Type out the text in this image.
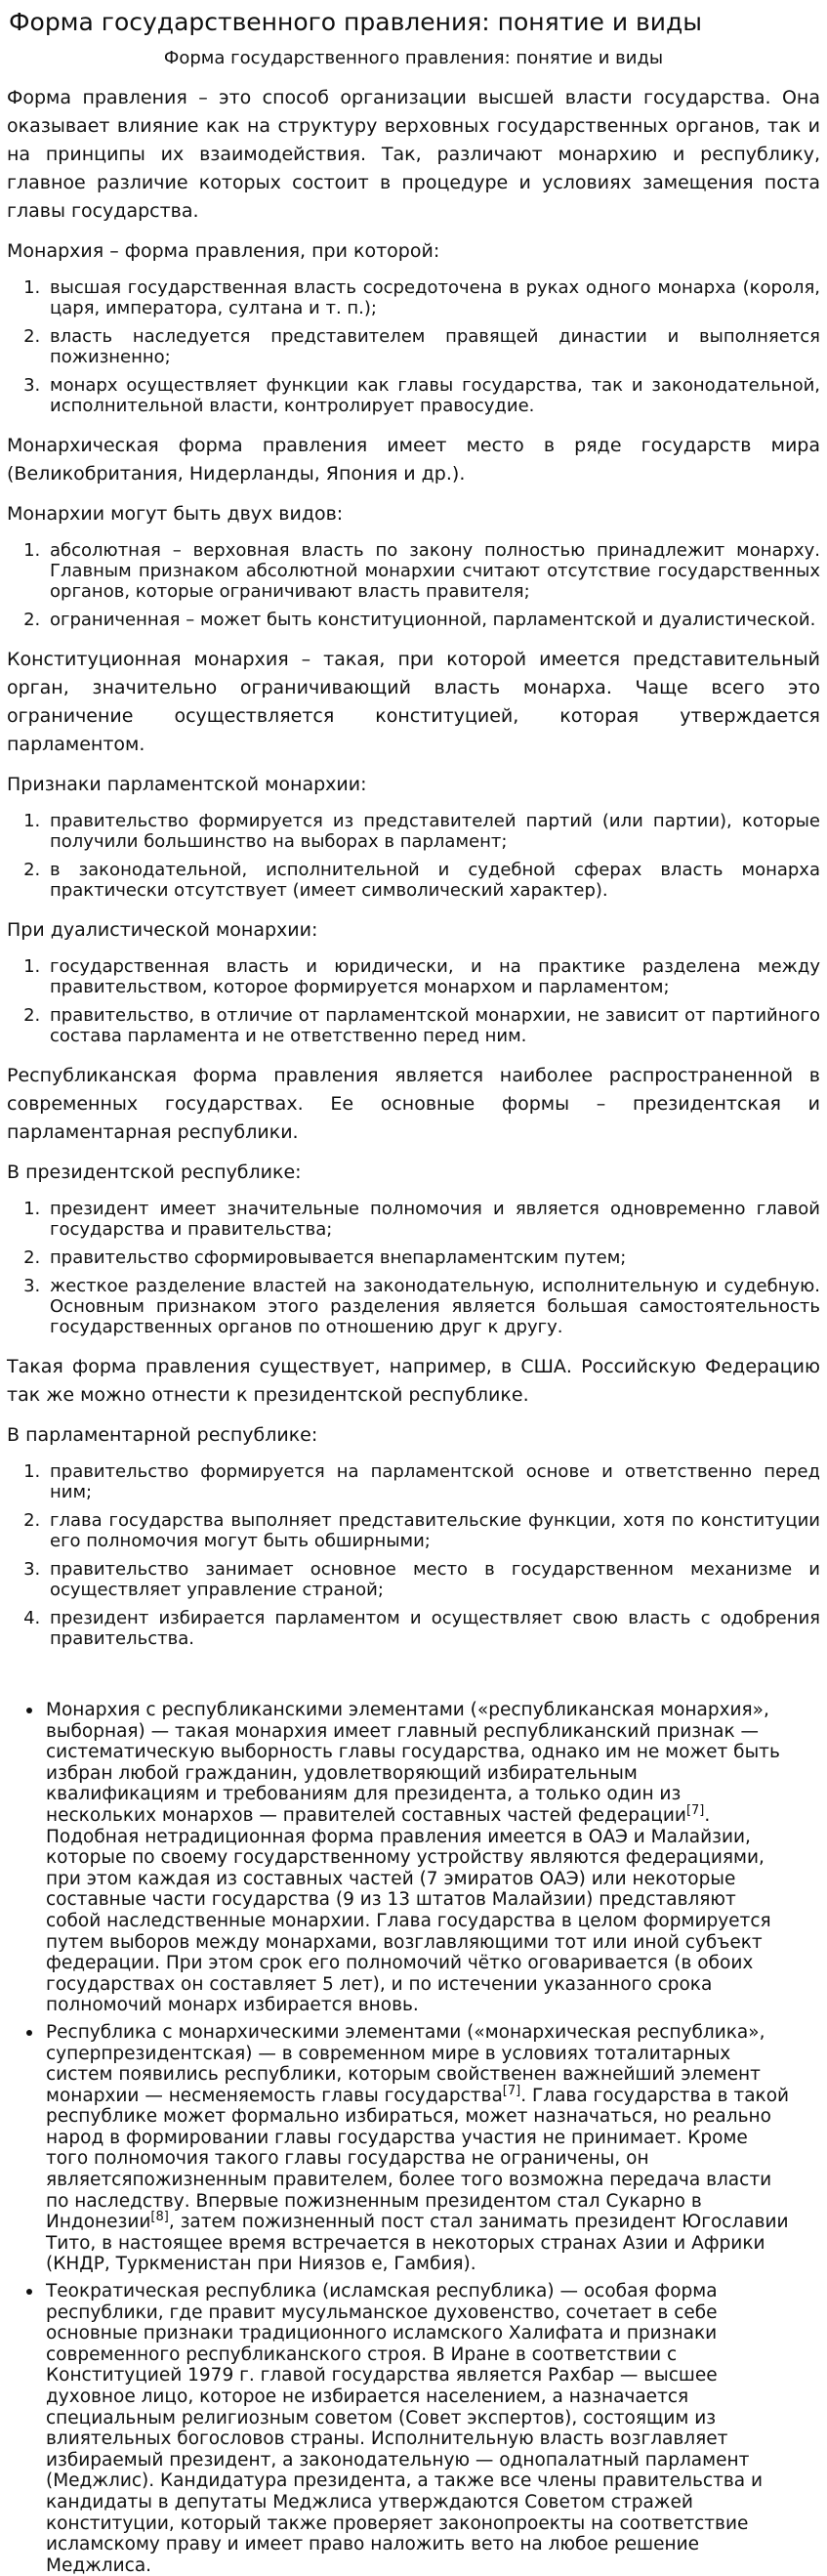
Форма государственного правления: понятие и виды
Форма государственного правления: понятие и виды

Форма правления – это способ организации высшей власти государства. Она оказывает влияние как на структуру верховных государственных органов, так и на принципы их взаимодействия. Так, различают монархию и республику, главное различие которых состоит в процедуре и условиях замещения поста главы государства.

Монархия – форма правления, при которой:

1. высшая государственная власть сосредоточена в руках одного монарха (короля, царя, императора, султана и т. п.);
2. власть наследуется представителем правящей династии и выполняется пожизненно;
3. монарх осуществляет функции как главы государства, так и законодательной, исполнительной власти, контролирует правосудие.

Монархическая форма правления имеет место в ряде государств мира (Великобритания, Нидерланды, Япония и др.).

Монархии могут быть двух видов:

1. абсолютная – верховная власть по закону полностью принадлежит монарху. Главным признаком абсолютной монархии считают отсутствие государственных органов, которые ограничивают власть правителя;
2. ограниченная – может быть конституционной, парламентской и дуалистической.

Конституционная монархия – такая, при которой имеется представительный орган, значительно ограничивающий власть монарха. Чаще всего это ограничение осуществляется конституцией, которая утверждается парламентом.

Признаки парламентской монархии:

1. правительство формируется из представителей партий (или партии), которые получили большинство на выборах в парламент;
2. в законодательной, исполнительной и судебной сферах власть монарха практически отсутствует (имеет символический характер).

При дуалистической монархии:

1. государственная власть и юридически, и на практике разделена между правительством, которое формируется монархом и парламентом;
2. правительство, в отличие от парламентской монархии, не зависит от партийного состава парламента и не ответственно перед ним.

Республиканская форма правления является наиболее распространенной в современных государствах. Ее основные формы – президентская и парламентарная республики.

В президентской республике:

1. президент имеет значительные полномочия и является одновременно главой государства и правительства;
2. правительство сформировывается внепарламентским путем;
3. жесткое разделение властей на законодательную, исполнительную и судебную. Основным признаком этого разделения является большая самостоятельность государственных органов по отношению друг к другу.

Такая форма правления существует, например, в США. Российскую Федерацию так же можно отнести к президентской республике.

В парламентарной республике:

1. правительство формируется на парламентской основе и ответственно перед ним;
2. глава государства выполняет представительские функции, хотя по конституции его полномочия могут быть обширными;
3. правительство занимает основное место в государственном механизме и осуществляет управление страной;
4. президент избирается парламентом и осуществляет свою власть с одобрения правительства.
Монархия с республиканскими элементами («республиканская монархия», выборная) — такая монархия имеет главный республиканский признак — систематическую выборность главы государства, однако им не может быть избран любой гражданин, удовлетворяющий избирательным квалификациям и требованиям для президента, а только один из нескольких монархов — правителей составных частей федерации[7]. Подобная нетрадиционная форма правления имеется в ОАЭ и Малайзии, которые по своему государственному устройству являются федерациями, при этом каждая из составных частей (7 эмиратов ОАЭ) или некоторые составные части государства (9 из 13 штатов Малайзии) представляют собой наследственные монархии. Глава государства в целом формируется путем выборов между монархами, возглавляющими тот или иной субъект федерации. При этом срок его полномочий чётко оговаривается (в обоих государствах он составляет 5 лет), и по истечении указанного срока полномочий монарх избирается вновь.
Республика с монархическими элементами («монархическая республика», суперпрезидентская) — в современном мире в условиях тоталитарных систем появились республики, которым свойственен важнейший элемент монархии — несменяемость главы государства[7]. Глава государства в такой республике может формально избираться, может назначаться, но реально народ в формировании главы государства участия не принимает. Кроме того полномочия такого главы государства не ограничены, он являетсяпожизненным правителем, более того возможна передача власти по наследству. Впервые пожизненным президентом стал Сукарно в Индонезии[8], затем пожизненный пост стал занимать президент Югославии Тито, в настоящее время встречается в некоторых странах Азии и Африки (КНДР, Туркменистан при Ниязов е, Гамбия).
Теократическая республика (исламская республика) — особая форма республики, где правит мусульманское духовенство, сочетает в себе основные признаки традиционного исламского Халифата и признаки современного республиканского строя. В Иране в соответствии с Конституцией 1979 г. главой государства является Рахбар — высшее духовное лицо, которое не избирается населением, а назначается специальным религиозным советом (Совет экспертов), состоящим из влиятельных богословов страны. Исполнительную власть возглавляет избираемый президент, а законодательную — однопалатный парламент (Меджлис). Кандидатура президента, а также все члены правительства и кандидаты в депутаты Меджлиса утверждаются Советом стражей конституции, который также проверяет законопроекты на соответствие исламскому праву и имеет право наложить вето на любое решение Меджлиса.
